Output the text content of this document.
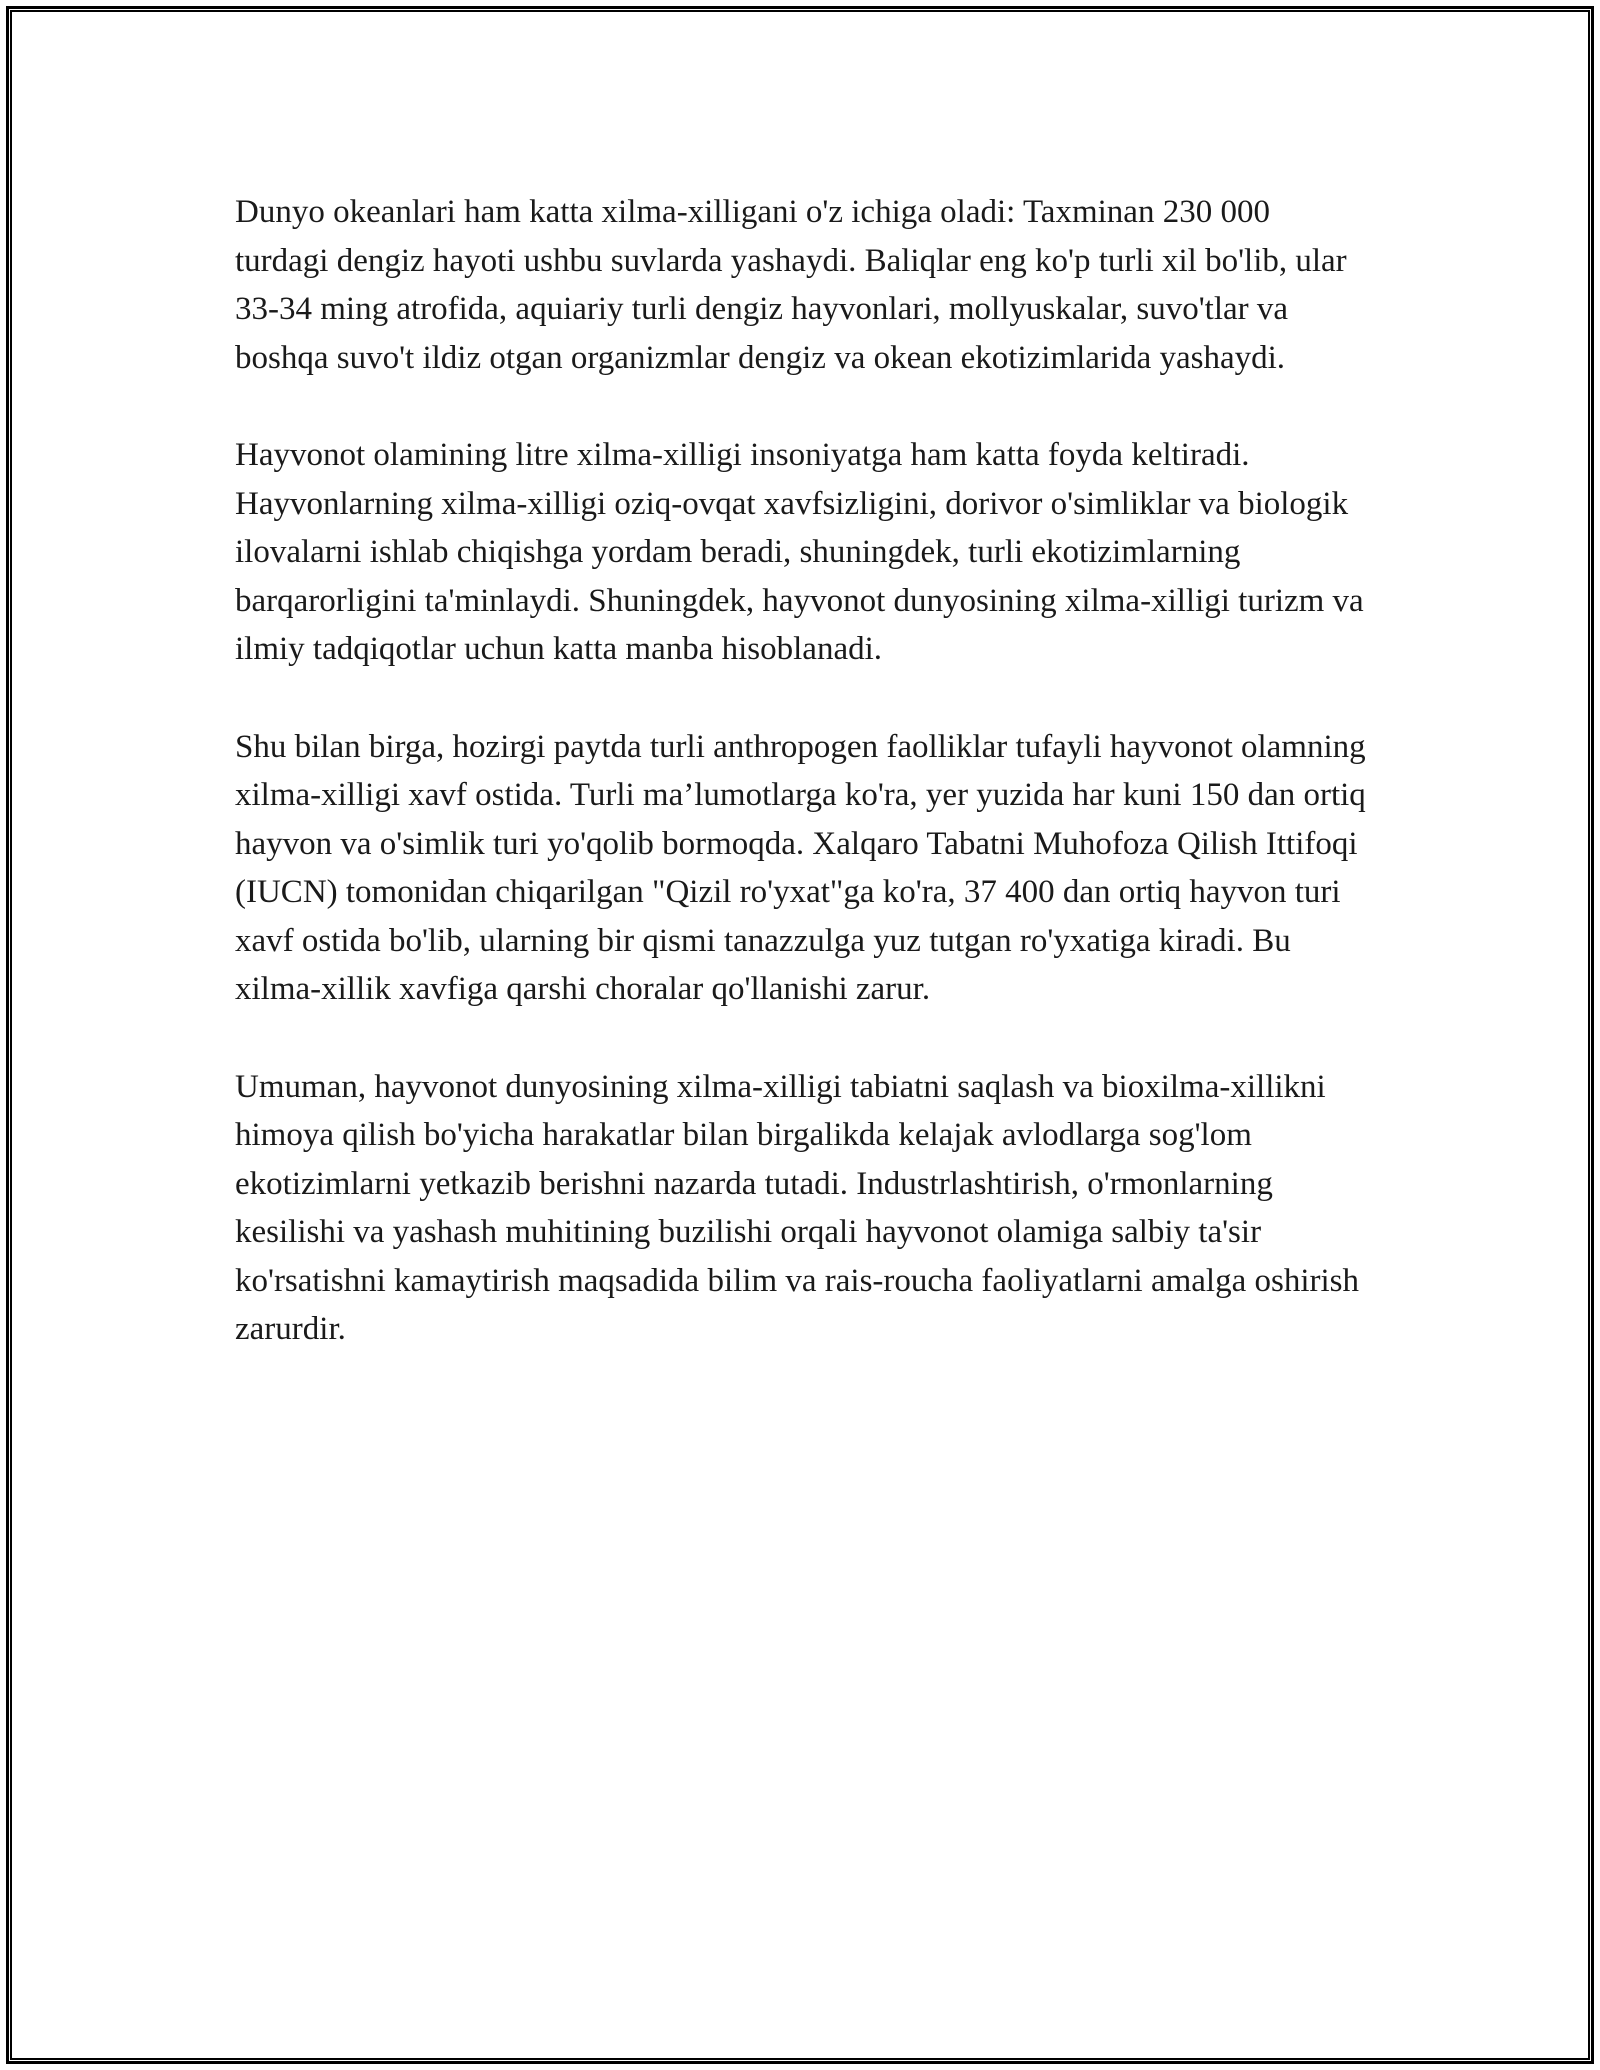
Dunyo okeanlari ham katta xilma-xilligani o'z ichiga oladi: Taxminan 230 000 turdagi dengiz hayoti ushbu suvlarda yashaydi. Baliqlar eng ko'p turli xil bo'lib, ular 33-34 ming atrofida, aquiariy turli dengiz hayvonlari, mollyuskalar, suvo'tlar va boshqa suvo't ildiz otgan organizmlar dengiz va okean ekotizimlarida yashaydi.

Hayvonot olamining litre xilma-xilligi insoniyatga ham katta foyda keltiradi. Hayvonlarning xilma-xilligi oziq-ovqat xavfsizligini, dorivor o'simliklar va biologik ilovalarni ishlab chiqishga yordam beradi, shuningdek, turli ekotizimlarning barqarorligini ta'minlaydi. Shuningdek, hayvonot dunyosining xilma-xilligi turizm va ilmiy tadqiqotlar uchun katta manba hisoblanadi.

Shu bilan birga, hozirgi paytda turli anthropogen faolliklar tufayli hayvonot olamning xilma-xilligi xavf ostida. Turli ma’lumotlarga ko'ra, yer yuzida har kuni 150 dan ortiq hayvon va o'simlik turi yo'qolib bormoqda. Xalqaro Tabatni Muhofoza Qilish Ittifoqi (IUCN) tomonidan chiqarilgan "Qizil ro'yxat"ga ko'ra, 37 400 dan ortiq hayvon turi xavf ostida bo'lib, ularning bir qismi tanazzulga yuz tutgan ro'yxatiga kiradi. Bu xilma-xillik xavfiga qarshi choralar qo'llanishi zarur.

Umuman, hayvonot dunyosining xilma-xilligi tabiatni saqlash va bioxilma-xillikni himoya qilish bo'yicha harakatlar bilan birgalikda kelajak avlodlarga sog'lom ekotizimlarni yetkazib berishni nazarda tutadi. Industrlashtirish, o'rmonlarning kesilishi va yashash muhitining buzilishi orqali hayvonot olamiga salbiy ta'sir ko'rsatishni kamaytirish maqsadida bilim va rais-roucha faoliyatlarni amalga oshirish zarurdir.
